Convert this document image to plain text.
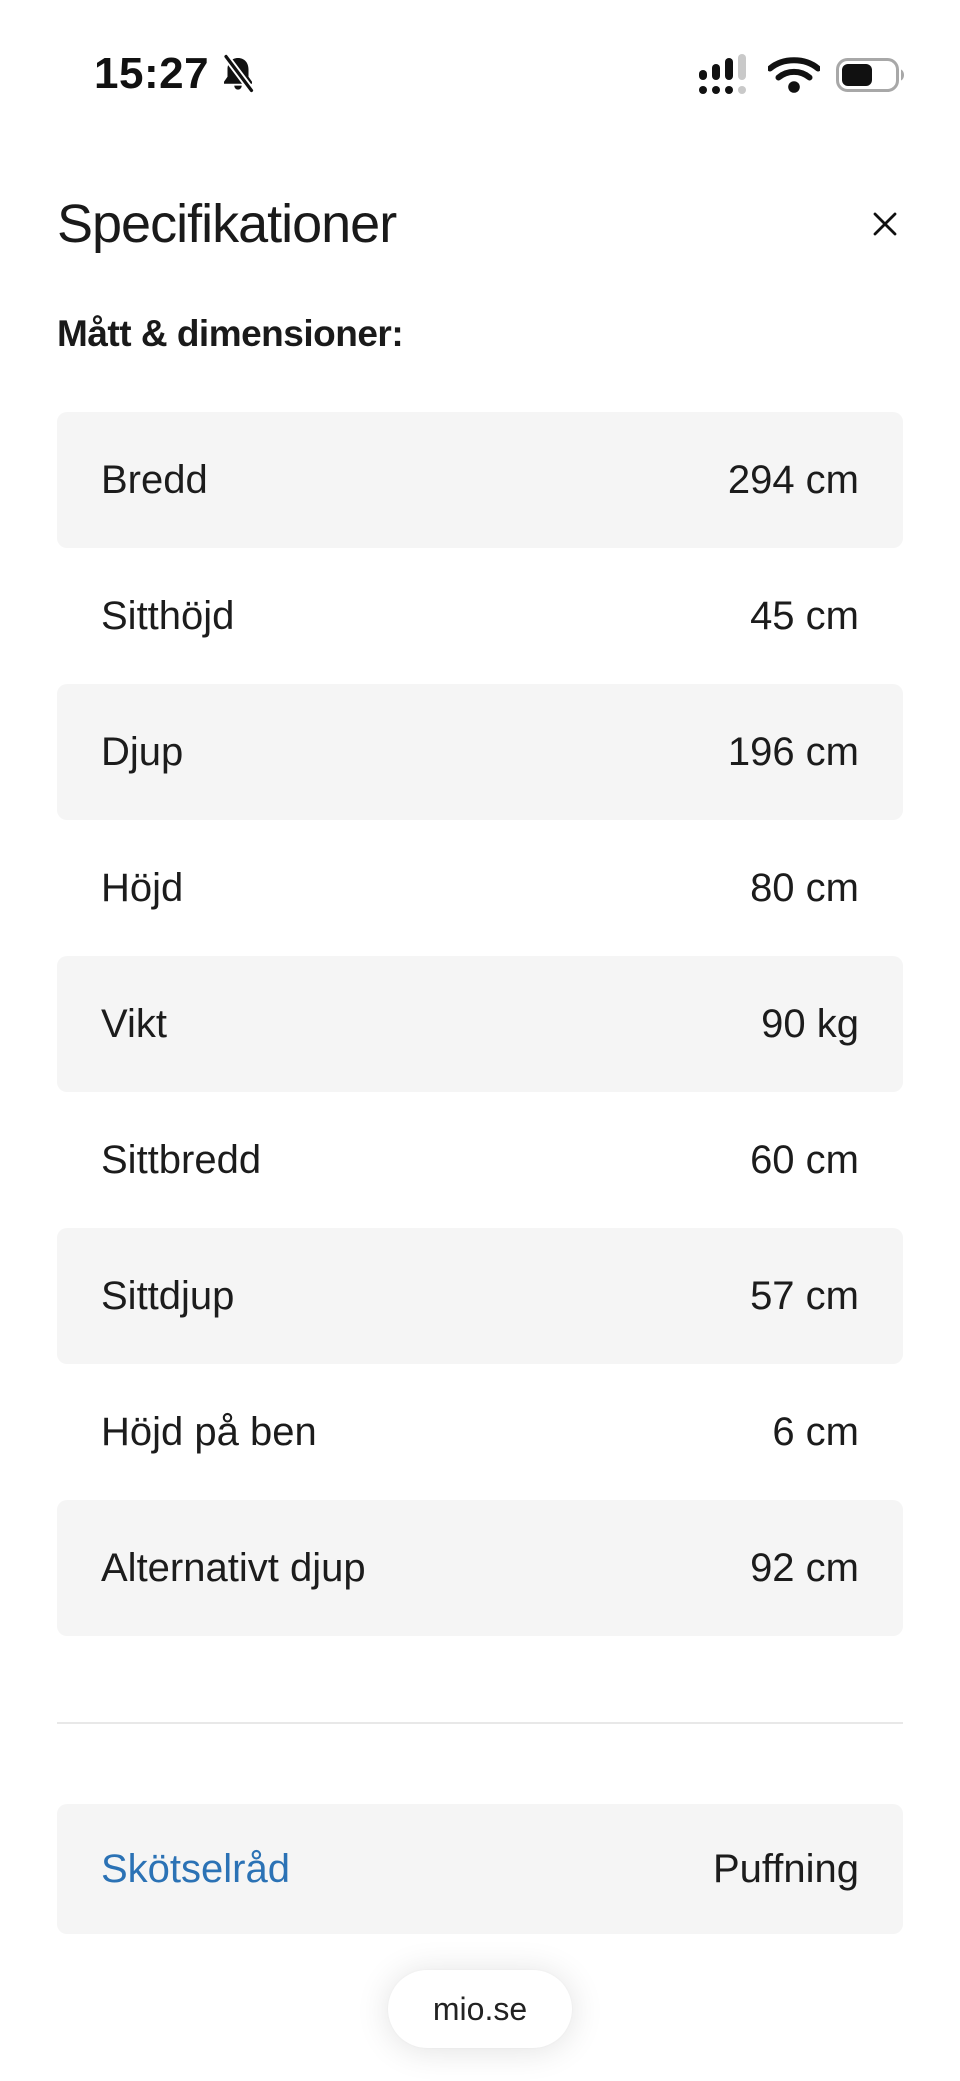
15:27
Specifikationer
Mått & dimensioner:
Bredd	294 cm
Sitthöjd	45 cm
Djup	196 cm
Höjd	80 cm
Vikt	90 kg
Sittbredd	60 cm
Sittdjup	57 cm
Höjd på ben	6 cm
Alternativt djup	92 cm
Skötselråd	Puffning
mio.se
